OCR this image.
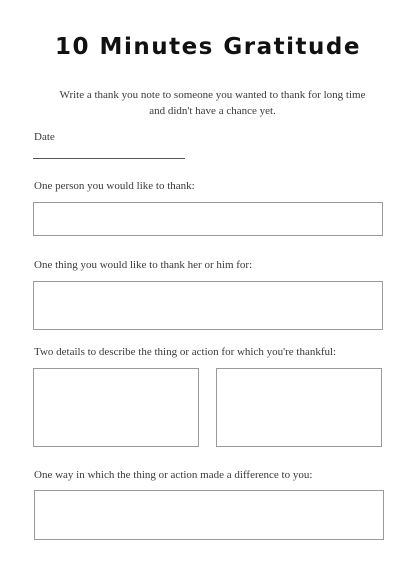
10 Minutes Gratitude
Write a thank you note to someone you wanted to thank for long time
and didn't have a chance yet.
Date
One person you would like to thank:
One thing you would like to thank her or him for:
Two details to describe the thing or action for which you're thankful:
One way in which the thing or action made a difference to you:
